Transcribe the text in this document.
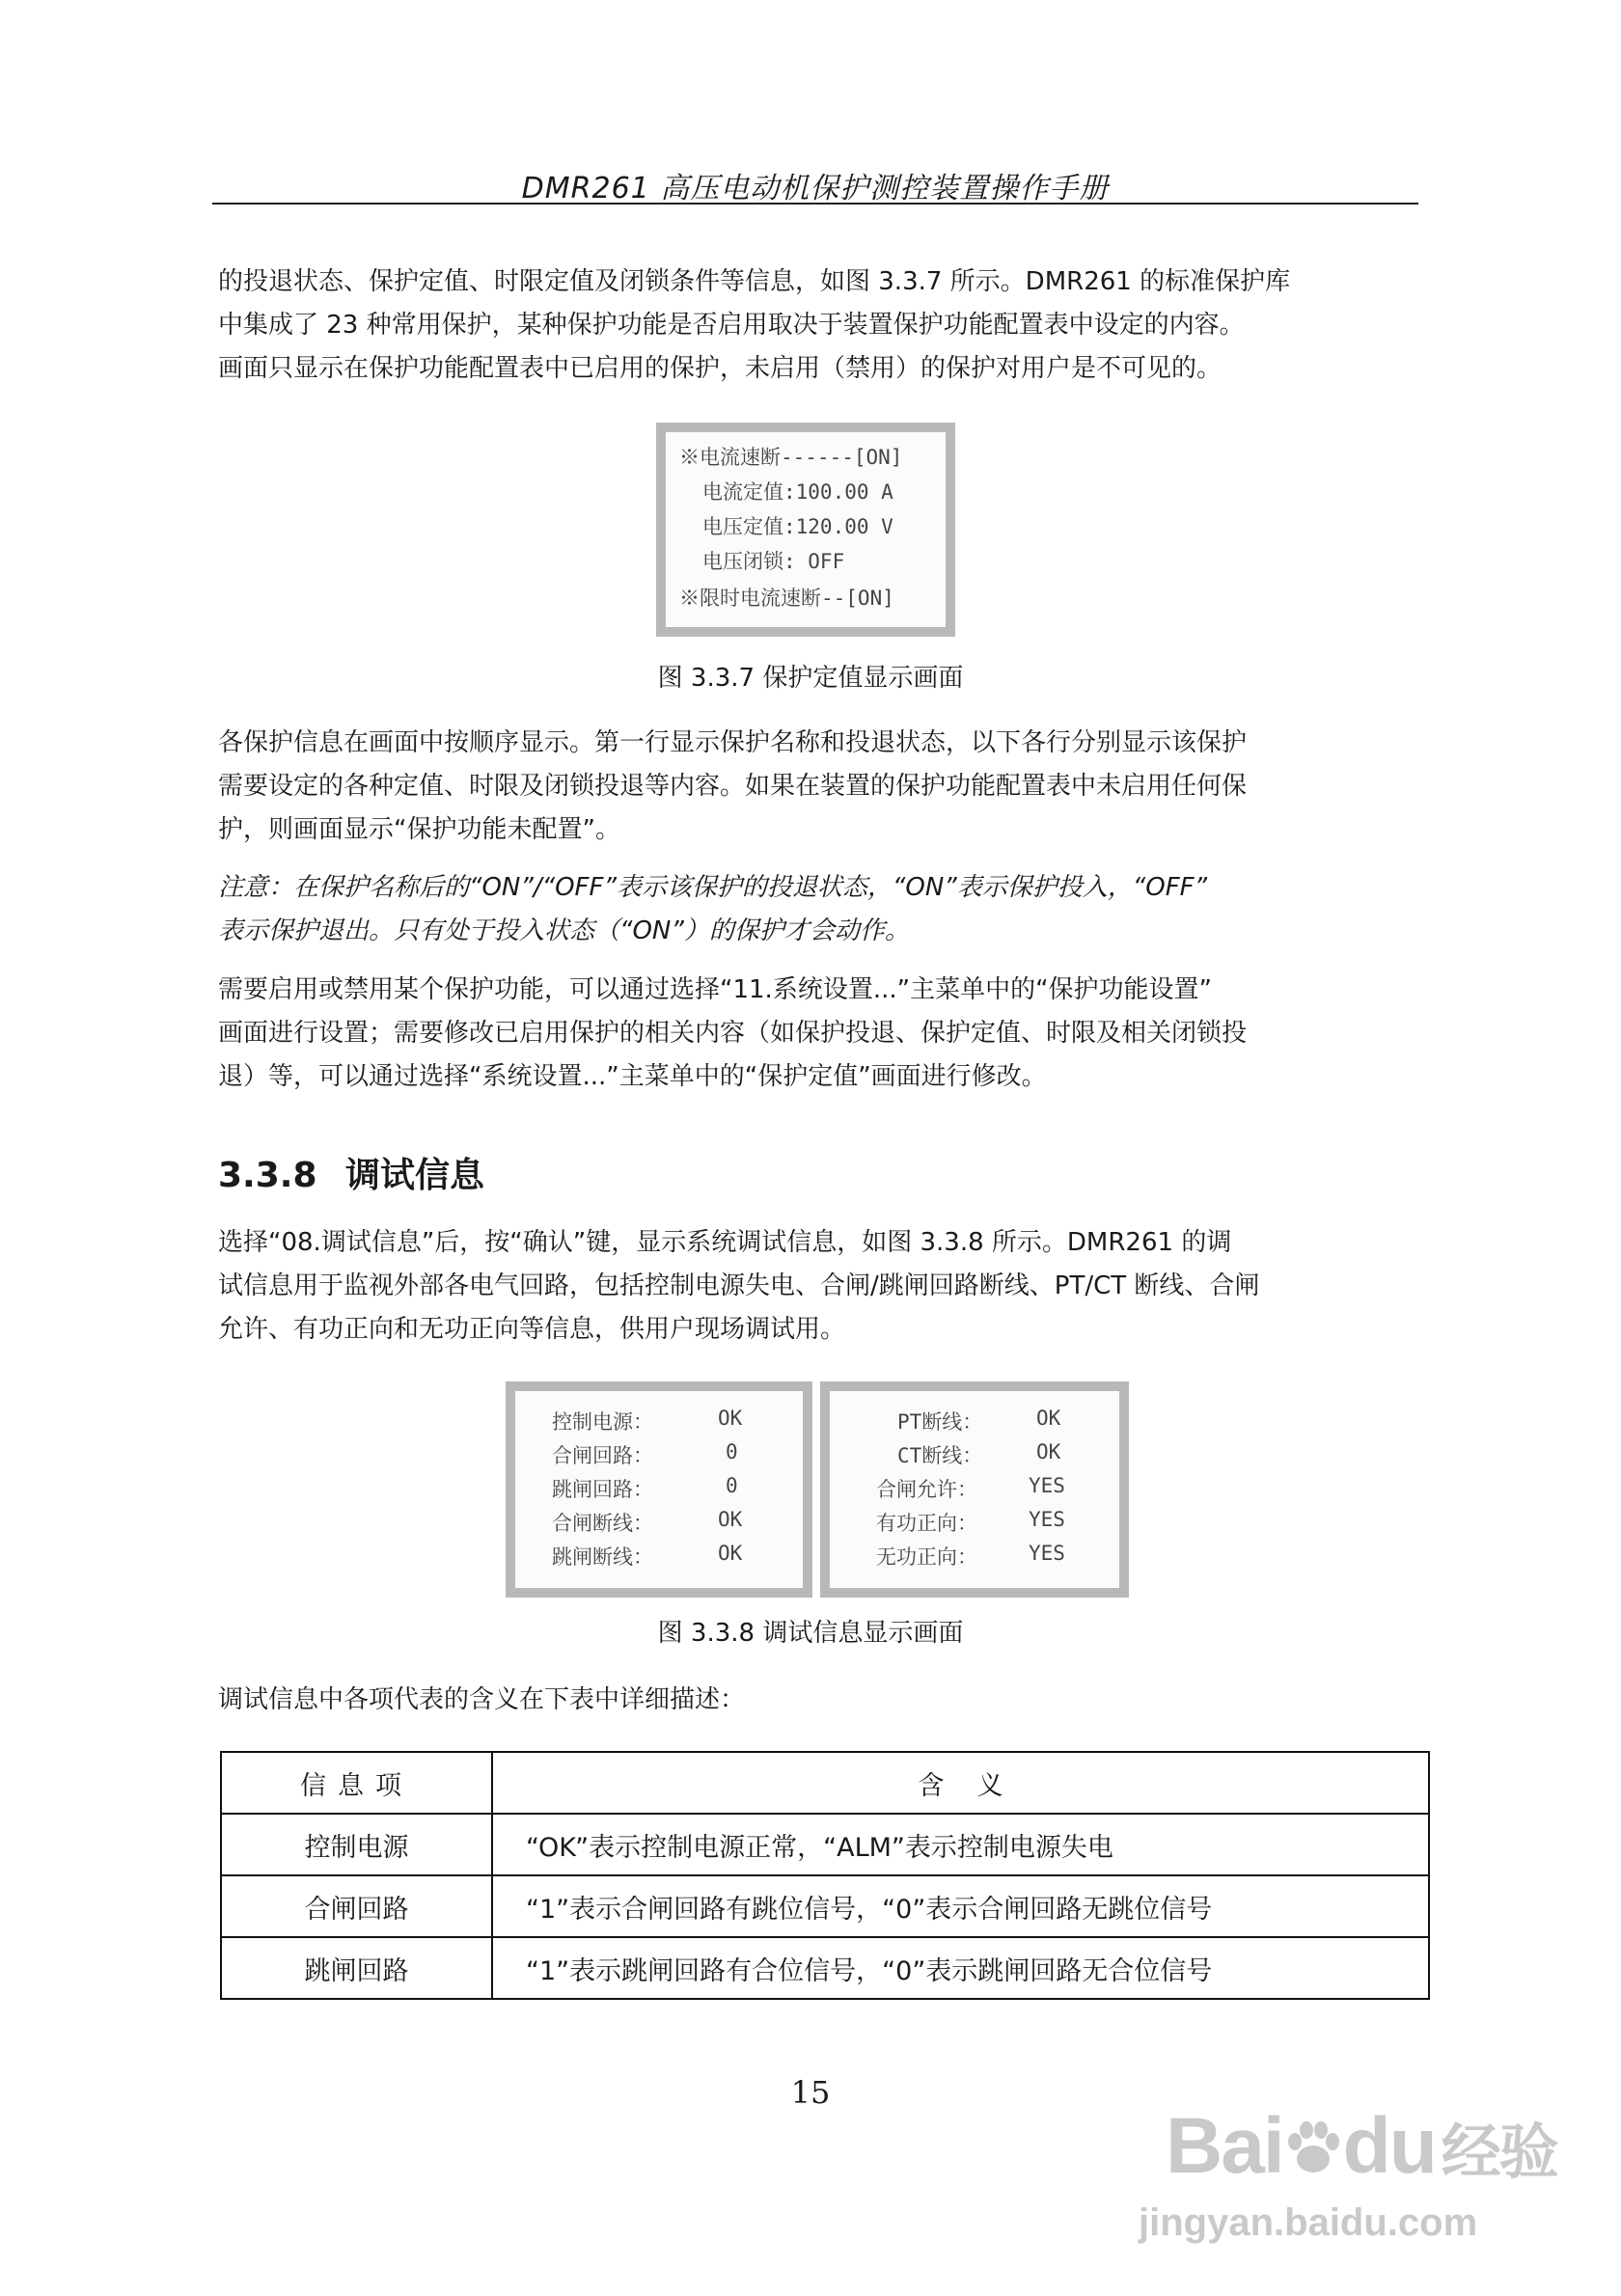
DMR261 高压电动机保护测控装置操作手册
的投退状态、保护定值、时限定值及闭锁条件等信息，如图 3.3.7 所示。DMR261 的标准保护库
中集成了 23 种常用保护，某种保护功能是否启用取决于装置保护功能配置表中设定的内容。
画面只显示在保护功能配置表中已启用的保护，未启用（禁用）的保护对用户是不可见的。
※电流速断------[ON]
电流定值:100.00 A
电压定值:120.00 V
电压闭锁: OFF
※限时电流速断--[ON]
图 3.3.7 保护定值显示画面
各保护信息在画面中按顺序显示。第一行显示保护名称和投退状态，以下各行分别显示该保护
需要设定的各种定值、时限及闭锁投退等内容。如果在装置的保护功能配置表中未启用任何保
护，则画面显示“保护功能未配置”。
注意：在保护名称后的“ON”/“OFF”表示该保护的投退状态，“ON”表示保护投入，“OFF”
表示保护退出。只有处于投入状态（“ON”）的保护才会动作。
需要启用或禁用某个保护功能，可以通过选择“11.系统设置...”主菜单中的“保护功能设置”
画面进行设置；需要修改已启用保护的相关内容（如保护投退、保护定值、时限及相关闭锁投
退）等，可以通过选择“系统设置...”主菜单中的“保护定值”画面进行修改。
3.3.8 调试信息
选择“08.调试信息”后，按“确认”键，显示系统调试信息，如图 3.3.8 所示。DMR261 的调
试信息用于监视外部各电气回路，包括控制电源失电、合闸/跳闸回路断线、PT/CT 断线、合闸
允许、有功正向和无功正向等信息，供用户现场调试用。
控制电源：	OK
合闸回路：	0
跳闸回路：	0
合闸断线：	OK
跳闸断线：	OK
PT断线：	OK
CT断线：	OK
合闸允许：	YES
有功正向：	YES
无功正向：	YES
图 3.3.8 调试信息显示画面
调试信息中各项代表的含义在下表中详细描述：
信息项	含    义
控制电源	“OK”表示控制电源正常，“ALM”表示控制电源失电
合闸回路	“1”表示合闸回路有跳位信号，“0”表示合闸回路无跳位信号
跳闸回路	“1”表示跳闸回路有合位信号，“0”表示跳闸回路无合位信号
15
Bai du经验
jingyan.baidu.com
